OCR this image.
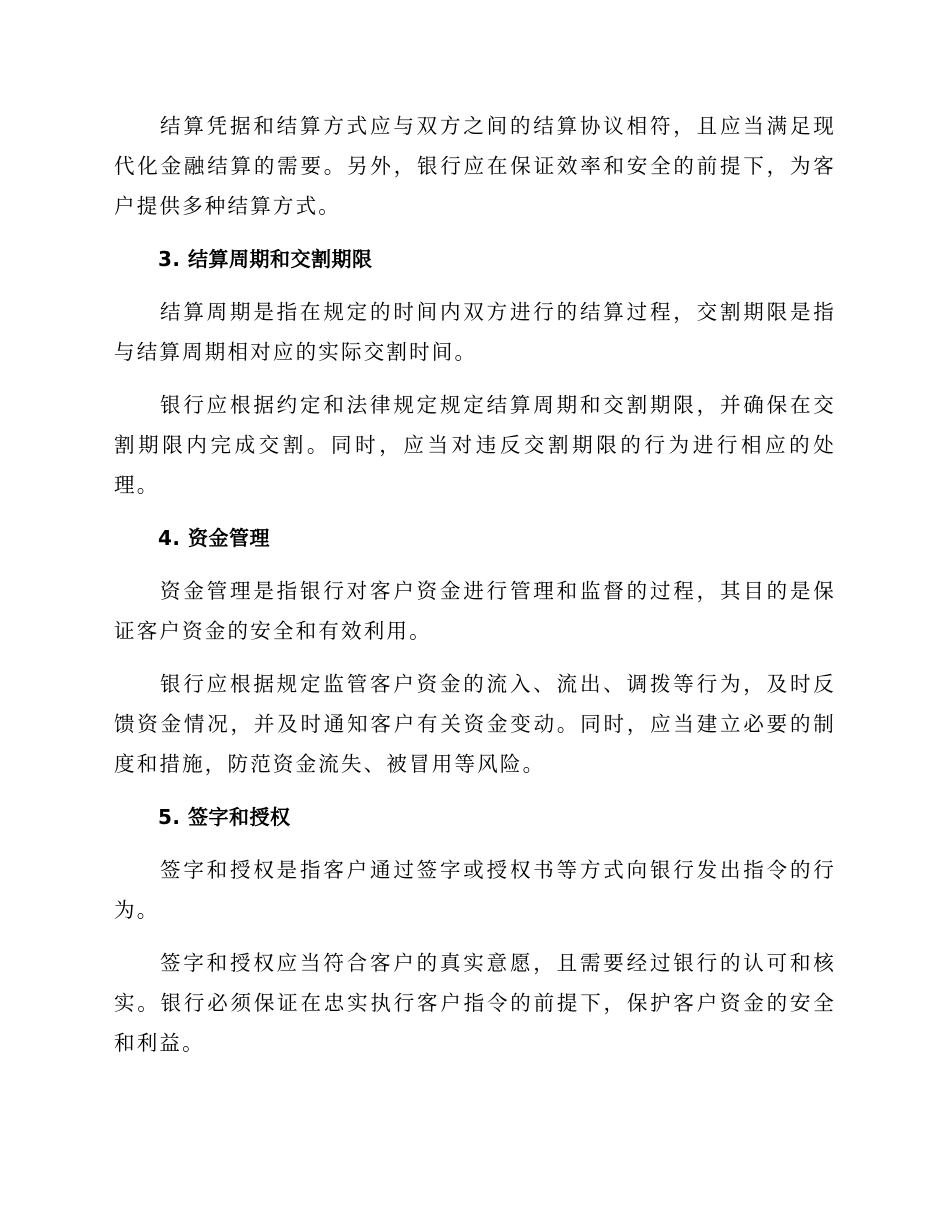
结算凭据和结算方式应与双方之间的结算协议相符，且应当满足现代化金融结算的需要。另外，银行应在保证效率和安全的前提下，为客户提供多种结算方式。

3. 结算周期和交割期限

结算周期是指在规定的时间内双方进行的结算过程，交割期限是指与结算周期相对应的实际交割时间。

银行应根据约定和法律规定规定结算周期和交割期限，并确保在交割期限内完成交割。同时，应当对违反交割期限的行为进行相应的处理。

4. 资金管理

资金管理是指银行对客户资金进行管理和监督的过程，其目的是保证客户资金的安全和有效利用。

银行应根据规定监管客户资金的流入、流出、调拨等行为，及时反馈资金情况，并及时通知客户有关资金变动。同时，应当建立必要的制度和措施，防范资金流失、被冒用等风险。

5. 签字和授权

签字和授权是指客户通过签字或授权书等方式向银行发出指令的行为。

签字和授权应当符合客户的真实意愿，且需要经过银行的认可和核实。银行必须保证在忠实执行客户指令的前提下，保护客户资金的安全和利益。
